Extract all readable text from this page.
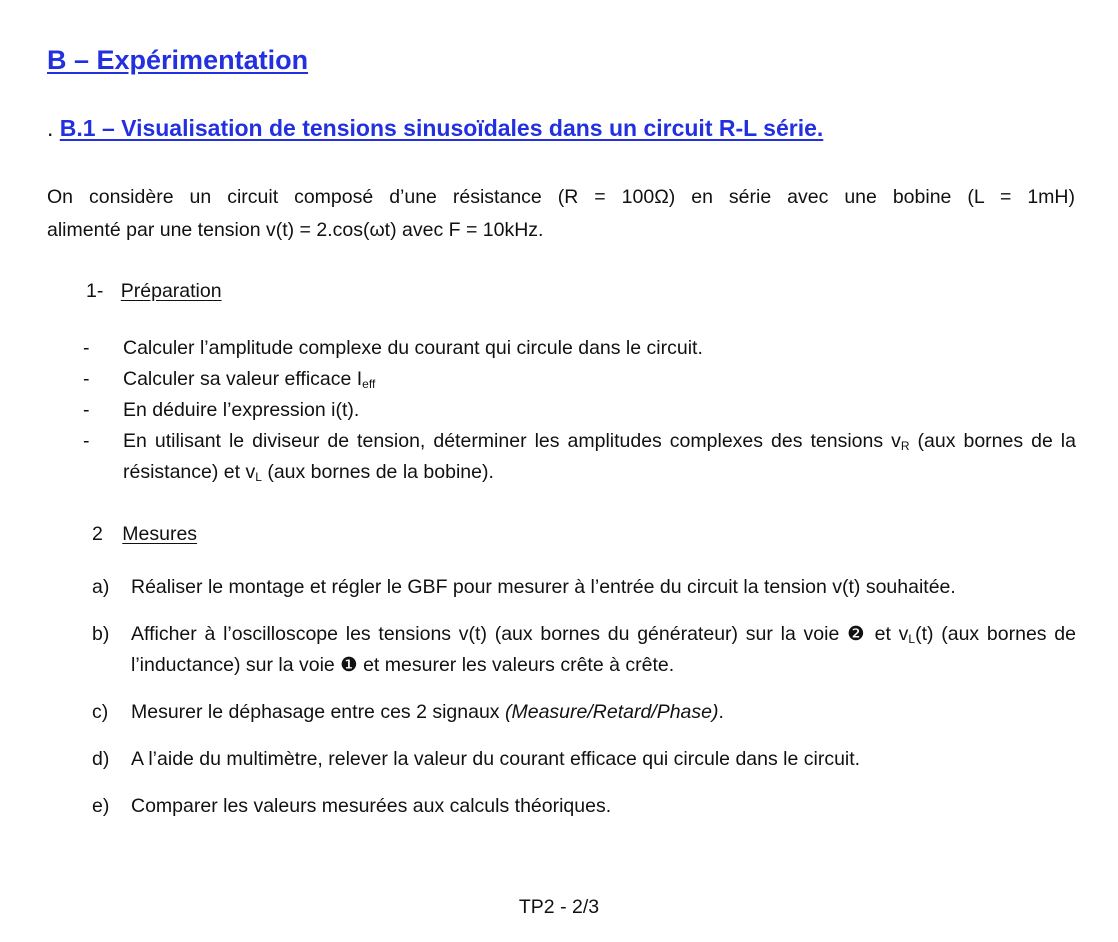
B – Expérimentation
. B.1 – Visualisation de tensions sinusoïdales dans un circuit R-L série.
On considère un circuit composé d’une résistance (R = 100Ω) en série avec une bobine (L = 1mH)
alimenté par une tension v(t) = 2.cos(ωt) avec F = 10kHz.
1- Préparation
-	Calculer l’amplitude complexe du courant qui circule dans le circuit.
-	Calculer sa valeur efficace $I_{eff}$
-	En déduire l’expression i(t).
-	En utilisant le diviseur de tension, déterminer les amplitudes complexes des tensions $v_R$ (aux bornes de la résistance) et $v_L$ (aux bornes de la bobine).
2 Mesures
a)	Réaliser le montage et régler le GBF pour mesurer à l’entrée du circuit la tension v(t) souhaitée.
b)	Afficher à l’oscilloscope les tensions v(t) (aux bornes du générateur) sur la voie ❷ et $v_L(t)$ (aux bornes de l’inductance) sur la voie ❶ et mesurer les valeurs crête à crête.
c)	Mesurer le déphasage entre ces 2 signaux (Measure/Retard/Phase).
d)	A l’aide du multimètre, relever la valeur du courant efficace qui circule dans le circuit.
e)	Comparer les valeurs mesurées aux calculs théoriques.
TP2 - 2/3
